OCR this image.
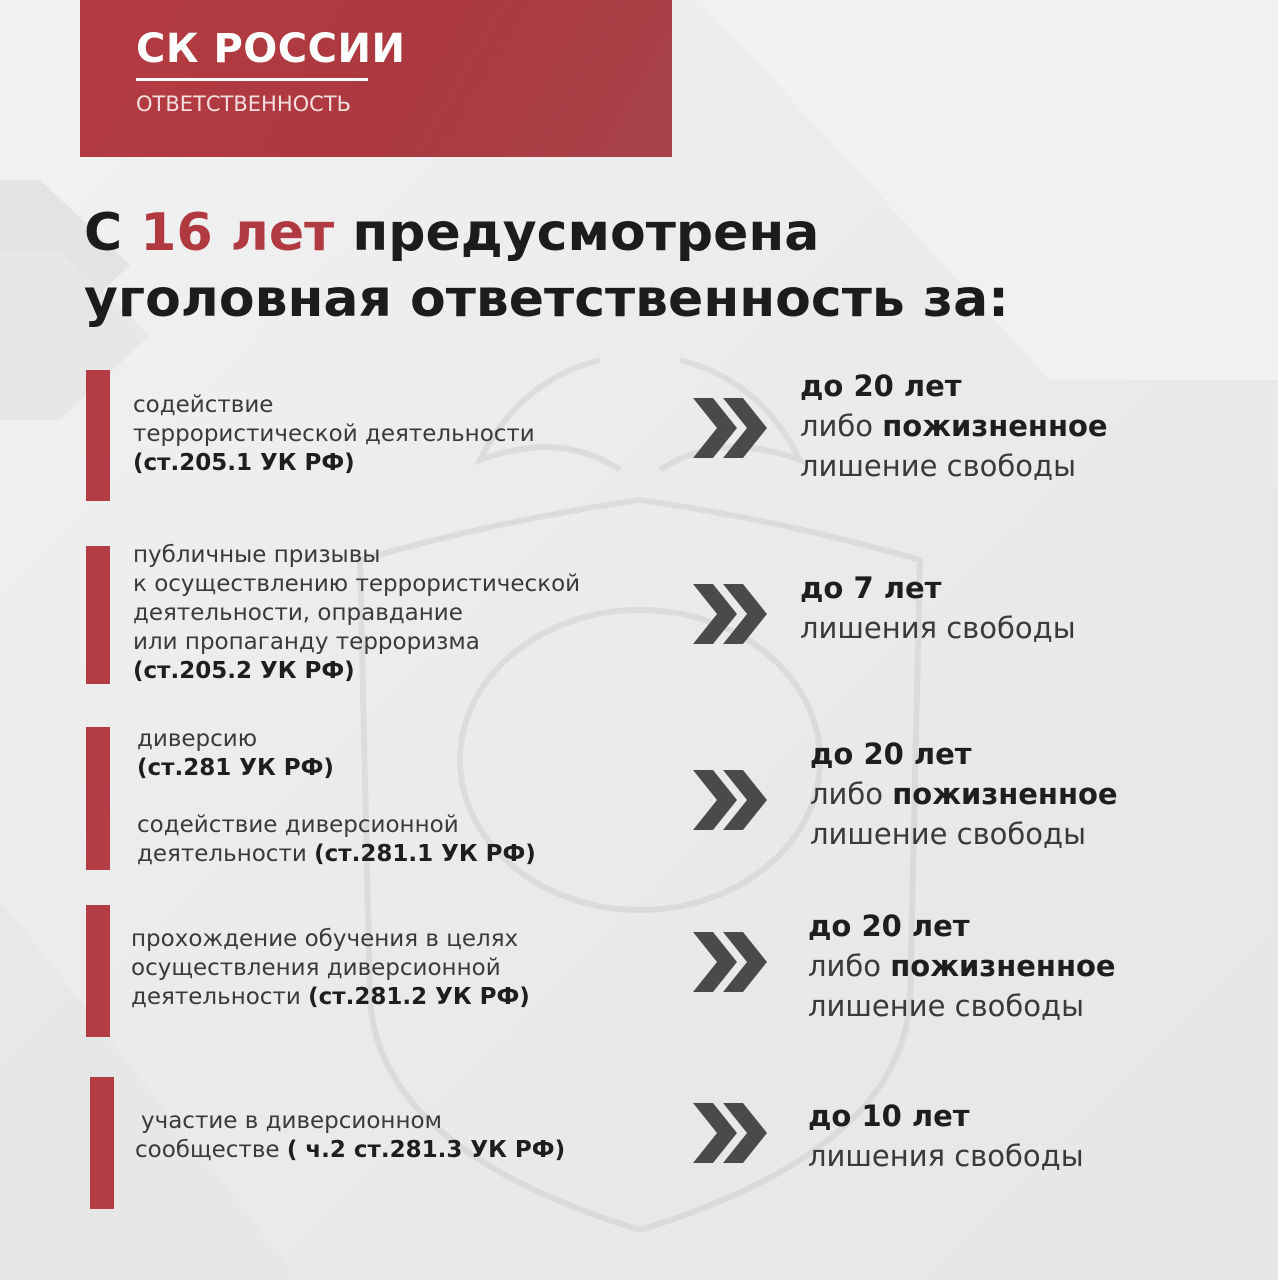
СК РОССИИ
ОТВЕТСТВЕННОСТЬ
С 16 лет предусмотрена
уголовная ответственность за:
содействие
террористической деятельности
(ст.205.1 УК РФ)
до 20 лет
либо пожизненное
лишение свободы
публичные призывы
к осуществлению террористической
деятельности, оправдание
или пропаганду терроризма
(ст.205.2 УК РФ)
до 7 лет
лишения свободы
диверсию
(ст.281 УК РФ)
содействие диверсионной
деятельности (ст.281.1 УК РФ)
до 20 лет
либо пожизненное
лишение свободы
прохождение обучения в целях
осуществления диверсионной
деятельности (ст.281.2 УК РФ)
до 20 лет
либо пожизненное
лишение свободы
участие в диверсионном
сообществе ( ч.2 ст.281.3 УК РФ)
до 10 лет
лишения свободы
